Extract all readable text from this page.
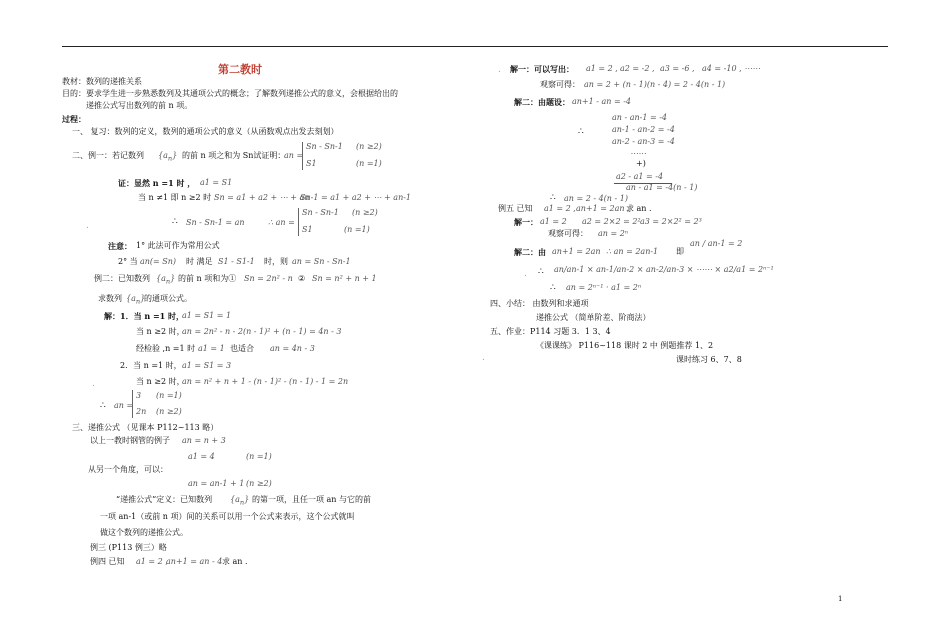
第二教时
教材：数列的递推关系
目的：要求学生进一步熟悉数列及其通项公式的概念；了解数列递推公式的意义，会根据给出的
递推公式写出数列的前 n 项。
过程：
一、 复习：数列的定义，数列的通项公式的意义（从函数观点出发去刻划）
二、例一：若记数列 $\{a_n\}$ 的前 n 项之和为 Sn试证明：
an =
Sn - Sn-1 (n ≥2)
S1	(n =1)
证：显然 n =1 时 ， a1 = S1
当 n ≠1 即 n ≥2 时 Sn = a1 + a2 + ⋯ + an
Sn-1 = a1 + a2 + ⋯ + an-1
.	∴ Sn - Sn-1 = an	∴ an =
Sn - Sn-1 (n ≥2)
S1	(n =1)
注意： 1° 此法可作为常用公式
2° 当 an(= Sn) 时 满足 S1 - S1-1 时，则 an = Sn - Sn-1
例二：已知数列 $\{a_n\}$ 的前 n 项和为① Sn = 2n² - n ② Sn = n² + n + 1
求数列 $\{a_n\}$
的通项公式。
解：1．当 n =1 时，
a1 = S1 = 1
当 n ≥2 时，
an = 2n² - n - 2(n - 1)² + (n - 1) = 4n - 3
经检验 ,n =1 时 a1 = 1 也适合 an = 4n - 3
2．当 n =1 时， a1 = S1 = 3
.	当 n ≥2 时，
an = n² + n + 1 - (n - 1)² - (n - 1) - 1 = 2n
∴ an =
3 (n =1)
2n (n ≥2)
三、递推公式 （见课本 P112~113 略）
以上一教时钢管的例子 an = n + 3
a1 = 4	(n =1)
从另一个角度，可以：
an = an-1 + 1 (n ≥2)
“递推公式”定义：已知数列 $\{a_n\}$ 的第一项，且任一项 an 与它的前
一项 an-1（或前 n 项）间的关系可以用一个公式来表示，这个公式就叫
做这个数列的递推公式。
例三 (P113 例三）略
例四 已知 a1 = 2 ,
an+1 = an - 4 求 an .
. 解一：可以写出： a1 = 2 , a2 = -2 , a3 = -6 , a4 = -10 , ⋯⋯
观察可得： an = 2 + (n - 1)(n - 4) = 2 - 4(n - 1)
解二：由题设： an+1 - an = -4
an - an-1 = -4
∴	an-1 - an-2 = -4
an-2 - an-3 = -4
⋯⋯
+)
a2 - a1 = -4
an - a1 = -4(n - 1)
∴ an = 2 - 4(n - 1)
例五 已知 a1 = 2 , an+1 = 2an ,
求 an .
解一： a1 = 2 a2 = 2×2 = 2² a3 = 2×2² = 2³
观察可得： an = 2ⁿ
解二：由 an+1 = 2an ∴ an = 2an-1 即
an / an-1 = 2
. ∴ an/an-1 × an-1/an-2 × an-2/an-3 × ⋯⋯ × a2/a1 = 2ⁿ⁻¹
∴ an = 2ⁿ⁻¹ · a1 = 2ⁿ
四、小结： 由数列和求通项
递推公式 （简单阶差、阶商法）
五、作业：P114 习题 3．1 3、4
《课课练》 P116~118 课时 2 中 例题推荐 1、2
.	课时练习 6、7、8
1
